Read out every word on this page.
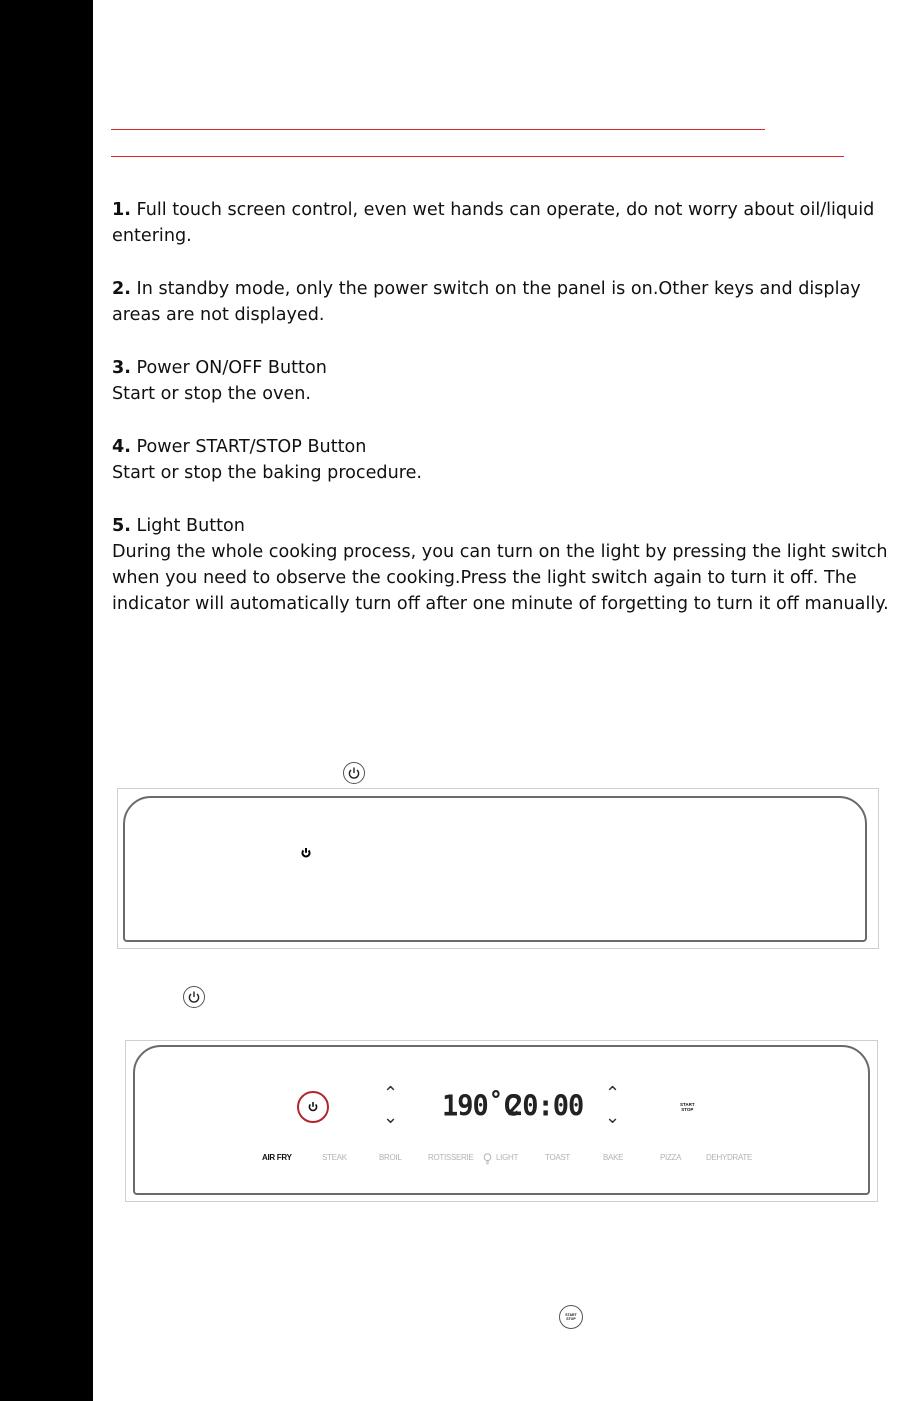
1. Full touch screen control, even wet hands can operate, do not worry about oil/liquid entering.

2. In standby mode, only the power switch on the panel is on.Other keys and display areas are not displayed.

3. Power ON/OFF Button
Start or stop the oven.

4. Power START/STOP Button
Start or stop the baking procedure.

5. Light Button
During the whole cooking process, you can turn on the light by pressing the light switch when you need to observe the cooking.Press the light switch again to turn it off. The indicator will automatically turn off after one minute of forgetting to turn it off manually.

⌃
⌄ 190˚C
20:00 ⌃
⌄
START
STOP
AIR FRY	STEAK	BROIL	ROTISSERIE	LIGHT	TOAST	BAKE	PIZZA	DEHYDRATE
START
STOP
